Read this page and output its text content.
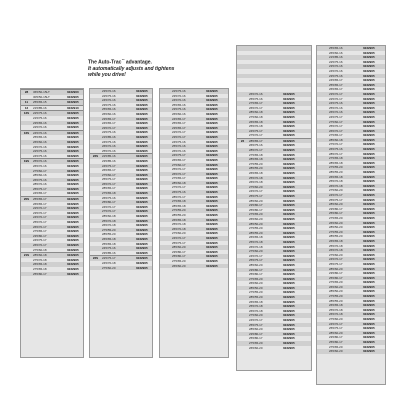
The Auto-Trac™ advantage.
It automatically adjusts and tightens
while you drive!
28	365/50-15LT	0232900
305/50-15LT	0232905
11	255/65-15	0232905
12	215/85-16	0232910
12S	225/75-16	0232905
215/75-16	0232905
235/65-16	0232905
225/70-16	0232905
16S	245/70-16	0232905
255/65-16	0232905
265/60-16	0232905
235/70-16	0232905
225/75-16	0232905
245/75-16	0232905
19S	255/70-16	0232905
265/70-16	0232905
275/60-17	0232905
285/60-16	0232905
265/75-16	0232905
285/70-16	0232905
255/75-17	0232905
245/65-17	0232905
20S	255/65-17	0232905
265/65-17	0232905
225/70-17	0232905
235/70-17	0232905
245/70-17	0232905
255/70-17	0232905
265/70-17	0232905
275/65-17	0232905
235/80-17	0232905
245/75-17	0232905
265/70-17	0232905
275/60-18	0232905
21S	285/60-18	0232905
275/70-18	0232905
265/65-18	0232905
275/65-18	0232905
255/80-17	0232905
235/70-16	0232905
225/75-16	0232905
245/70-16	0232905
235/75-16	0232905
255/65-16	0232905
265/60-16	0232905
235/65-17	0232905
245/65-17	0232905
235/70-17	0232905
225/75-16	0232905
215/85-16	0232905
245/75-16	0232905
265/70-16	0232905
255/70-16	0232905
22S	225/85-16	0232905
235/85-16	0232905
245/75-17	0232905
265/65-17	0232905
275/60-17	0232905
255/75-17	0232905
265/70-17	0232905
285/65-17	0232905
275/65-18	0232905
265/75-16	0232905
255/80-17	0232905
245/70-17	0232905
275/70-17	0232905
285/60-18	0232905
255/70-18	0232905
265/70-18	0232905
275/55-20	0232905
285/55-20	0232905
265/65-18	0232905
255/65-18	0232905
245/75-16	0232905
235/85-16	0232905
22S	225/75-17	0232905
245/70-18	0232905
275/60-20	0232905
225/75-16	0232905
235/70-16	0232905
245/70-16	0232905
255/65-16	0232905
235/75-16	0232905
265/60-16	0232905
245/65-17	0232905
255/65-17	0232905
235/65-17	0232905
225/70-17	0232905
235/70-17	0232905
245/75-16	0232905
255/70-16	0232905
265/70-16	0232905
245/75-17	0232905
265/65-17	0232905
275/60-17	0232905
255/70-17	0232905
265/70-17	0232905
275/65-17	0232905
285/60-18	0232905
275/70-17	0232905
265/75-16	0232905
285/70-17	0232905
275/65-18	0232905
285/65-18	0232905
275/55-20	0232905
285/55-20	0232905
265/65-18	0232905
255/70-18	0232905
265/70-18	0232905
275/60-20	0232905
245/70-17	0232905
255/75-17	0232905
285/60-20	0232905
235/80-17	0232905
255/80-17	0232905
275/65-20	0232905
265/60-20	0232905
265/70-16	0232905
255/75-16	0232905
275/65-17	0232905
265/70-17	0232905
285/60-18	0232905
275/60-18	0232905
265/65-18	0232905
255/70-18	0232905
245/75-17	0232905
275/70-17	0232905
22	285/65-17	0232905
265/75-16	0232905
285/70-17	0232905
275/65-18	0232905
285/65-18	0232905
275/55-20	0232905
285/55-20	0232905
265/65-18	0232905
255/70-18	0232905
265/70-18	0232905
275/60-20	0232905
245/70-17	0232905
255/75-17	0232905
285/60-20	0232905
235/80-17	0232905
255/80-17	0232905
275/65-20	0232905
265/60-20	0232905
285/50-20	0232905
275/55-20	0232905
285/55-20	0232905
265/65-18	0232905
255/70-18	0232905
265/70-18	0232905
275/60-20	0232905
245/70-17	0232905
255/75-17	0232905
285/60-20	0232905
235/80-17	0232905
255/80-17	0232905
275/65-20	0232905
265/60-20	0232905
285/50-20	0232905
275/55-20	0232905
285/55-20	0232905
265/65-18	0232905
255/70-18	0232905
265/70-18	0232905
275/60-20	0232905
245/70-17	0232905
255/75-17	0232905
285/60-20	0232905
235/80-17	0232905
255/80-17	0232905
275/65-20	0232905
265/60-20	0232905
255/65-16	0232905
265/60-16	0232905
215/85-16	0232905
225/75-16	0232905
235/70-16	0232905
245/70-16	0232905
235/75-16	0232905
245/65-17	0232905
255/65-17	0232905
265/65-17	0232905
235/70-17	0232905
225/70-17	0232905
245/75-16	0232905
255/70-16	0232905
265/70-16	0232905
245/75-17	0232905
275/60-17	0232905
255/70-17	0232905
265/70-17	0232905
275/65-17	0232905
285/60-18	0232905
275/70-17	0232905
265/75-16	0232905
285/70-17	0232905
275/65-18	0232905
285/65-18	0232905
275/55-20	0232905
285/55-20	0232905
265/65-18	0232905
255/70-18	0232905
265/70-18	0232905
275/60-20	0232905
245/70-17	0232905
255/75-17	0232905
285/60-20	0232905
235/80-17	0232905
255/80-17	0232905
275/65-20	0232905
265/60-20	0232905
285/50-20	0232905
275/55-20	0232905
285/55-20	0232905
265/65-18	0232905
255/70-18	0232905
265/70-18	0232905
275/60-20	0232905
245/70-17	0232905
255/75-17	0232905
285/60-20	0232905
235/80-17	0232905
255/80-17	0232905
275/65-20	0232905
265/60-20	0232905
285/50-20	0232905
275/55-20	0232905
285/55-20	0232905
265/65-18	0232905
255/70-18	0232905
265/70-18	0232905
275/60-20	0232905
245/70-17	0232905
255/75-17	0232905
285/60-20	0232905
235/80-17	0232905
255/80-17	0232905
275/65-20	0232905
265/60-20	0232905
